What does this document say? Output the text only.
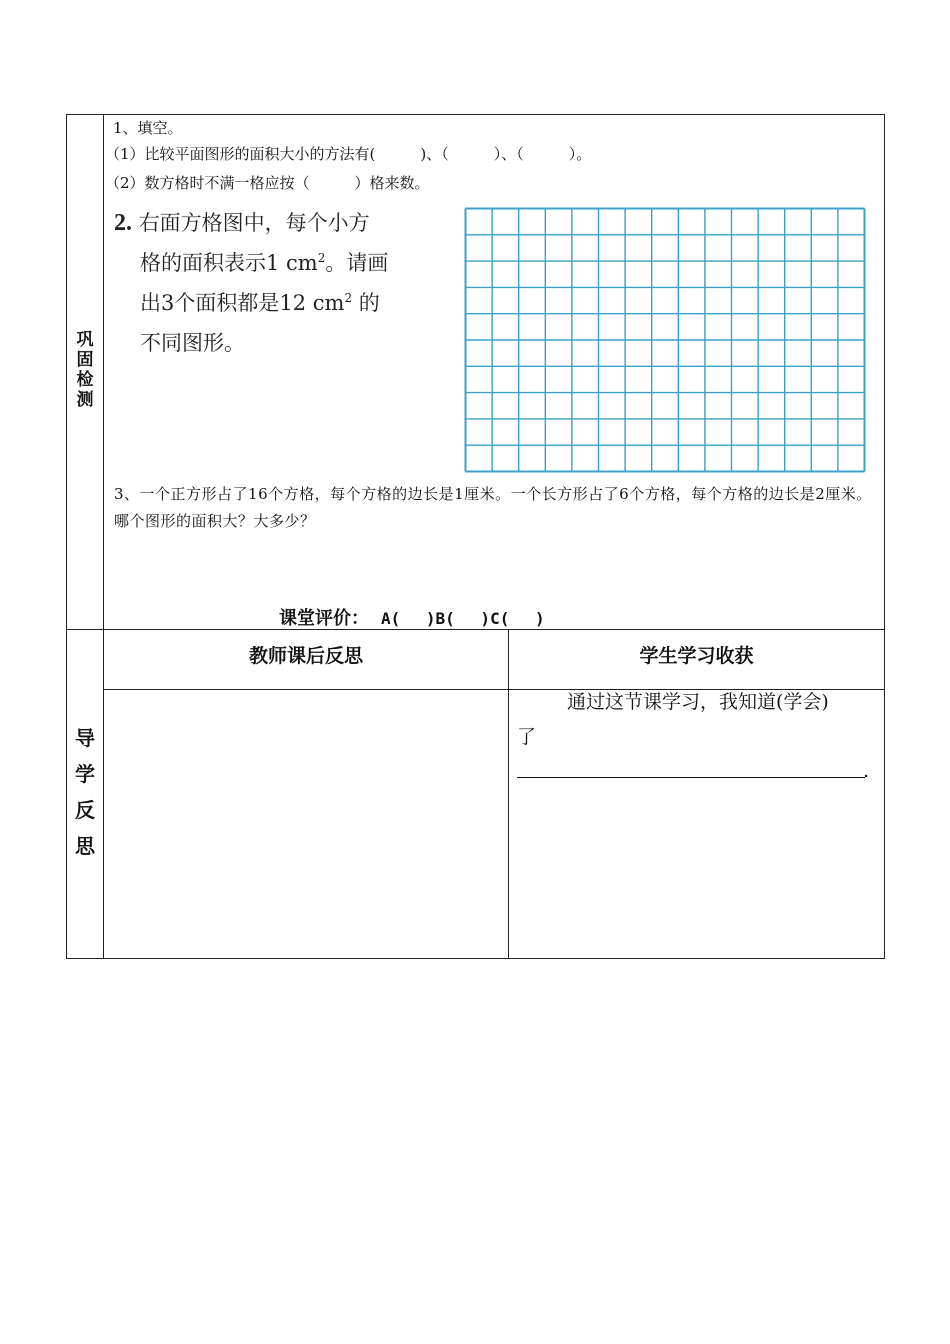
巩
固
检
测
1、填空。
（1）比较平面图形的面积大小的方法有(　　　)、（　　　）、（　　　）。
（2）数方格时不满一格应按（　　　）格来数。
2. 右面方格图中，每个小方
格的面积表示1 $cm^2$。请画
出3个面积都是12 $cm^2$ 的
不同图形。
3、一个正方形占了16个方格，每个方格的边长是1厘米。一个长方形占了6个方格，每个方格的边长是2厘米。哪个图形的面积大？大多少？
课堂评价： A(　 )B(　 )C(　 )
导
学
反
思
教师课后反思	学生学习收获
通过这节课学习，我知道(学会)
了
.
